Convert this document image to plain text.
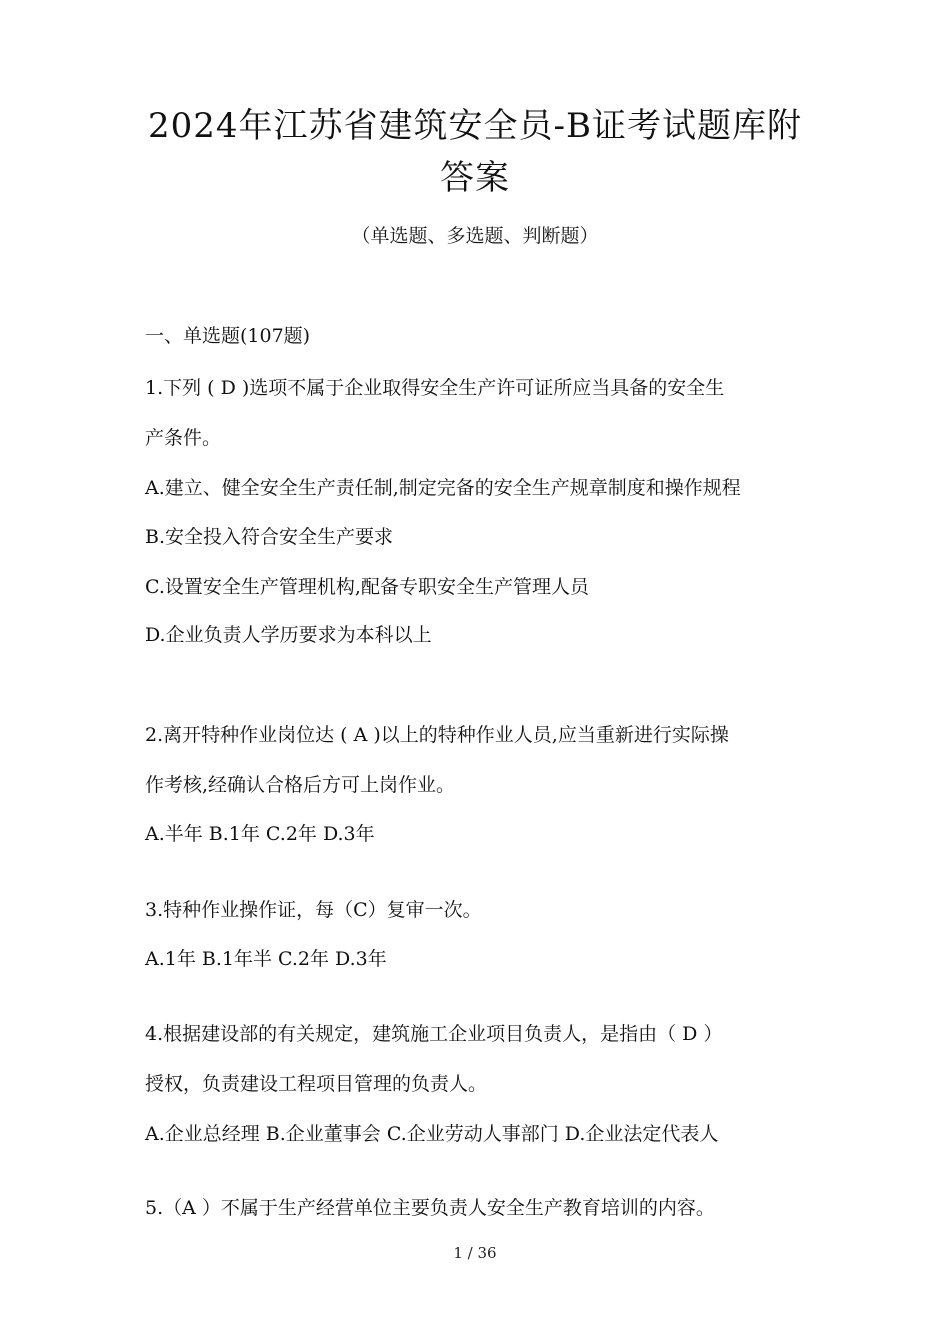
2024年江苏省建筑安全员-B证考试题库附
答案
（单选题、多选题、判断题）
一、单选题(107题)
1.下列 ( D )选项不属于企业取得安全生产许可证所应当具备的安全生
产条件。
A.建立、健全安全生产责任制,制定完备的安全生产规章制度和操作规程
B.安全投入符合安全生产要求
C.设置安全生产管理机构,配备专职安全生产管理人员
D.企业负责人学历要求为本科以上
2.离开特种作业岗位达 ( A )以上的特种作业人员,应当重新进行实际操
作考核,经确认合格后方可上岗作业。
A.半年 B.1年 C.2年 D.3年
3.特种作业操作证，每（C）复审一次。
A.1年 B.1年半 C.2年 D.3年
4.根据建设部的有关规定，建筑施工企业项目负责人，是指由（ D ）
授权，负责建设工程项目管理的负责人。
A.企业总经理 B.企业董事会 C.企业劳动人事部门 D.企业法定代表人
5.（A ）不属于生产经营单位主要负责人安全生产教育培训的内容。
1 / 36
